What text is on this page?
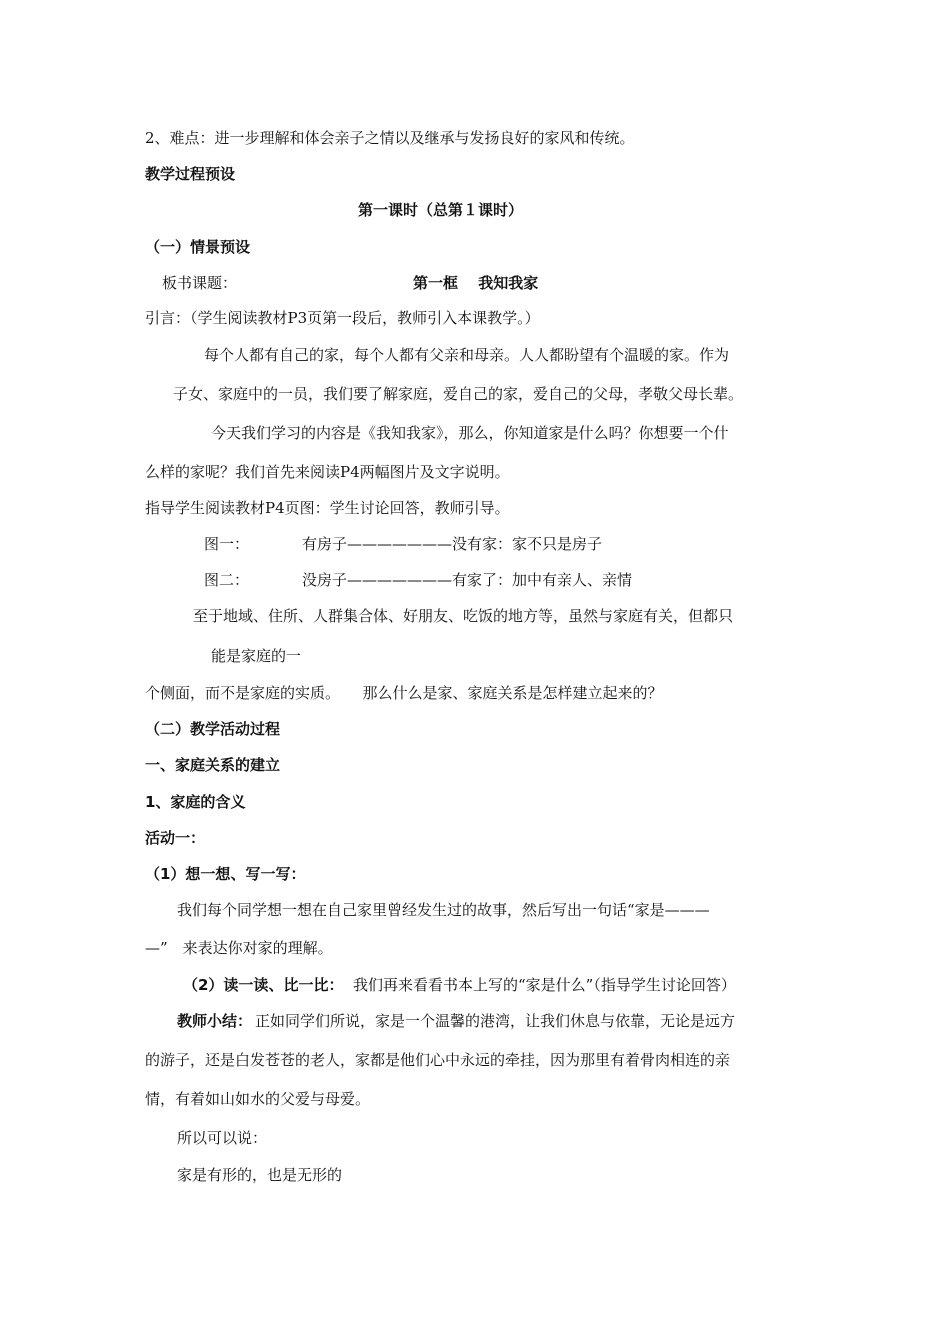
2、难点：进一步理解和体会亲子之情以及继承与发扬良好的家风和传统。
教学过程预设
第一课时（总第１课时）
（一）情景预设
板书课题：	第一框　 我知我家
引言：（学生阅读教材P3页第一段后，教师引入本课教学。）
每个人都有自己的家，每个人都有父亲和母亲。人人都盼望有个温暖的家。作为
子女、家庭中的一员，我们要了解家庭，爱自己的家，爱自己的父母，孝敬父母长辈。
今天我们学习的内容是《我知我家》，那么，你知道家是什么吗？你想要一个什
么样的家呢？我们首先来阅读P4两幅图片及文字说明。
指导学生阅读教材P4页图：学生讨论回答，教师引导。
图一：	有房子———————没有家：家不只是房子
图二：	没房子———————有家了：加中有亲人、亲情
至于地域、住所、人群集合体、好朋友、吃饭的地方等，虽然与家庭有关，但都只
能是家庭的一
个侧面，而不是家庭的实质。　　那么什么是家、家庭关系是怎样建立起来的？
（二）教学活动过程
一、家庭关系的建立
1、家庭的含义
活动一：
（1）想一想、写一写：
我们每个同学想一想在自己家里曾经发生过的故事，然后写出一句话“家是———
—”　来表达你对家的理解。
（2）读一读、比一比： 我们再来看看书本上写的“家是什么”（指导学生讨论回答）
教师小结： 正如同学们所说，家是一个温馨的港湾，让我们休息与依靠，无论是远方
的游子，还是白发苍苍的老人，家都是他们心中永远的牵挂，因为那里有着骨肉相连的亲
情，有着如山如水的父爱与母爱。
所以可以说：
家是有形的，也是无形的
